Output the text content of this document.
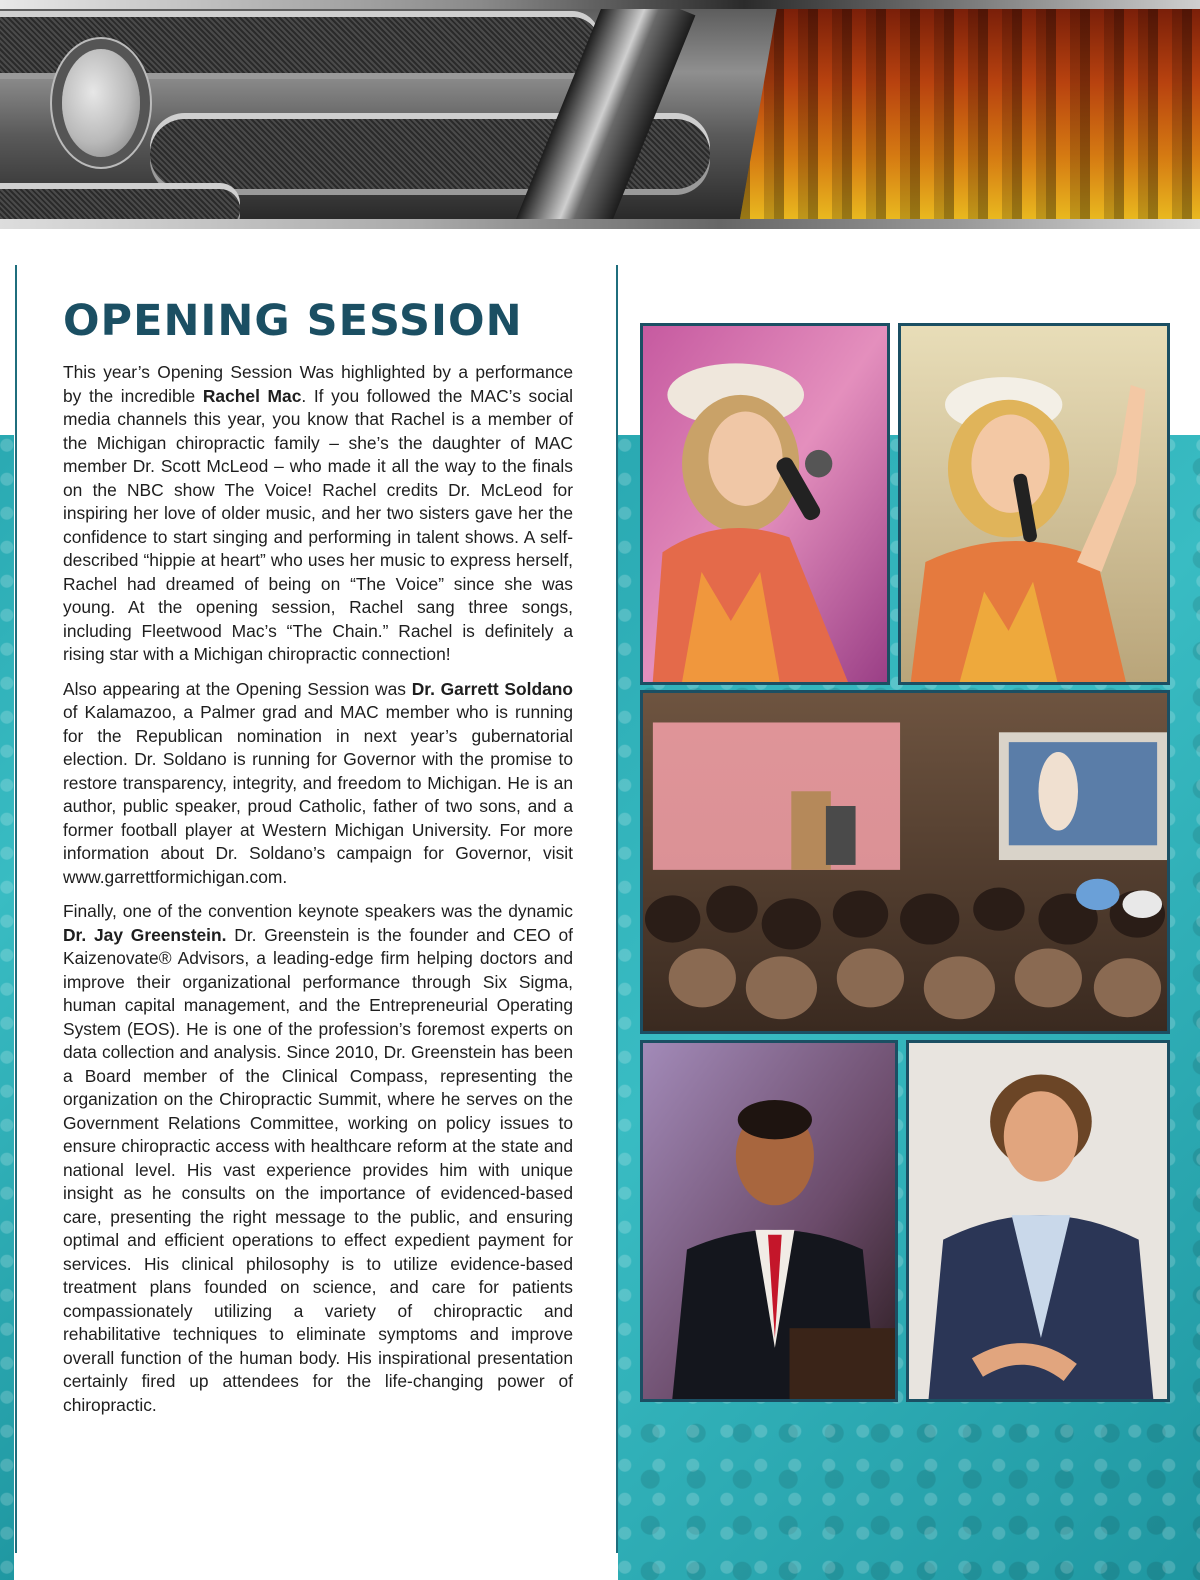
OPENING SESSION

This year’s Opening Session Was highlighted by a performance by the incredible Rachel Mac. If you followed the MAC’s social media channels this year, you know that Rachel is a member of the Michigan chiropractic family – she’s the daughter of MAC member Dr. Scott McLeod – who made it all the way to the finals on the NBC show The Voice! Rachel credits Dr. McLeod for inspiring her love of older music, and her two sisters gave her the confidence to start singing and performing in talent shows. A self-described “hippie at heart” who uses her music to express herself, Rachel had dreamed of being on “The Voice” since she was young. At the opening session, Rachel sang three songs, including Fleetwood Mac’s “The Chain.” Rachel is definitely a rising star with a Michigan chiropractic connection!

Also appearing at the Opening Session was Dr. Garrett Soldano of Kalamazoo, a Palmer grad and MAC member who is running for the Republican nomination in next year’s gubernatorial election. Dr. Soldano is running for Governor with the promise to restore transparency, integrity, and freedom to Michigan. He is an author, public speaker, proud Catholic, father of two sons, and a former football player at Western Michigan University. For more information about Dr. Soldano’s campaign for Governor, visit www.garrettformichigan.com.

Finally, one of the convention keynote speakers was the dynamic Dr. Jay Greenstein. Dr. Greenstein is the founder and CEO of Kaizenovate® Advisors, a leading-edge firm helping doctors and improve their organizational performance through Six Sigma, human capital management, and the Entrepreneurial Operating System (EOS). He is one of the profession’s foremost experts on data collection and analysis. Since 2010, Dr. Greenstein has been a Board member of the Clinical Compass, representing the organization on the Chiropractic Summit, where he serves on the Government Relations Committee, working on policy issues to ensure chiropractic access with healthcare reform at the state and national level. His vast experience provides him with unique insight as he consults on the importance of evidenced-based care, presenting the right message to the public, and ensuring optimal and efficient operations to effect expedient payment for services. His clinical philosophy is to utilize evidence-based treatment plans founded on science, and care for patients compassionately utilizing a variety of chiropractic and rehabilitative techniques to eliminate symptoms and improve overall function of the human body. His inspirational presentation certainly fired up attendees for the life-changing power of chiropractic.
